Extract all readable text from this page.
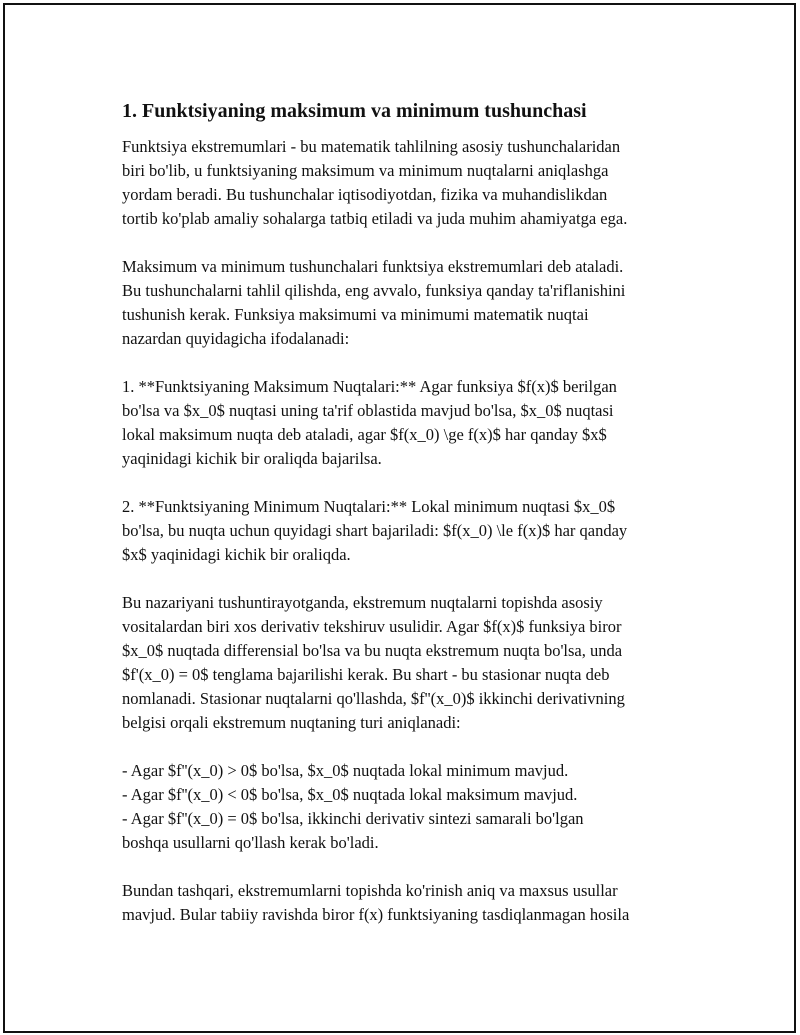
1. Funktsiyaning maksimum va minimum tushunchasi

Funktsiya ekstremumlari - bu matematik tahlilning asosiy tushunchalaridan
biri bo'lib, u funktsiyaning maksimum va minimum nuqtalarni aniqlashga
yordam beradi. Bu tushunchalar iqtisodiyotdan, fizika va muhandislikdan
tortib ko'plab amaliy sohalarga tatbiq etiladi va juda muhim ahamiyatga ega.

Maksimum va minimum tushunchalari funktsiya ekstremumlari deb ataladi.
Bu tushunchalarni tahlil qilishda, eng avvalo, funksiya qanday ta'riflanishini
tushunish kerak. Funksiya maksimumi va minimumi matematik nuqtai
nazardan quyidagicha ifodalanadi:

1. **Funktsiyaning Maksimum Nuqtalari:** Agar funksiya $f(x)$ berilgan
bo'lsa va $x_0$ nuqtasi uning ta'rif oblastida mavjud bo'lsa, $x_0$ nuqtasi
lokal maksimum nuqta deb ataladi, agar $f(x_0) \ge f(x)$ har qanday $x$
yaqinidagi kichik bir oraliqda bajarilsa.

2. **Funktsiyaning Minimum Nuqtalari:** Lokal minimum nuqtasi $x_0$
bo'lsa, bu nuqta uchun quyidagi shart bajariladi: $f(x_0) \le f(x)$ har qanday
$x$ yaqinidagi kichik bir oraliqda.

Bu nazariyani tushuntirayotganda, ekstremum nuqtalarni topishda asosiy
vositalardan biri xos derivativ tekshiruv usulidir. Agar $f(x)$ funksiya biror
$x_0$ nuqtada differensial bo'lsa va bu nuqta ekstremum nuqta bo'lsa, unda
$f'(x_0) = 0$ tenglama bajarilishi kerak. Bu shart - bu stasionar nuqta deb
nomlanadi. Stasionar nuqtalarni qo'llashda, $f''(x_0)$ ikkinchi derivativning
belgisi orqali ekstremum nuqtaning turi aniqlanadi:

- Agar $f''(x_0) > 0$ bo'lsa, $x_0$ nuqtada lokal minimum mavjud.
- Agar $f''(x_0) < 0$ bo'lsa, $x_0$ nuqtada lokal maksimum mavjud.
- Agar $f''(x_0) = 0$ bo'lsa, ikkinchi derivativ sintezi samarali bo'lgan
boshqa usullarni qo'llash kerak bo'ladi.

Bundan tashqari, ekstremumlarni topishda ko'rinish aniq va maxsus usullar
mavjud. Bular tabiiy ravishda biror f(x) funktsiyaning tasdiqlanmagan hosila
